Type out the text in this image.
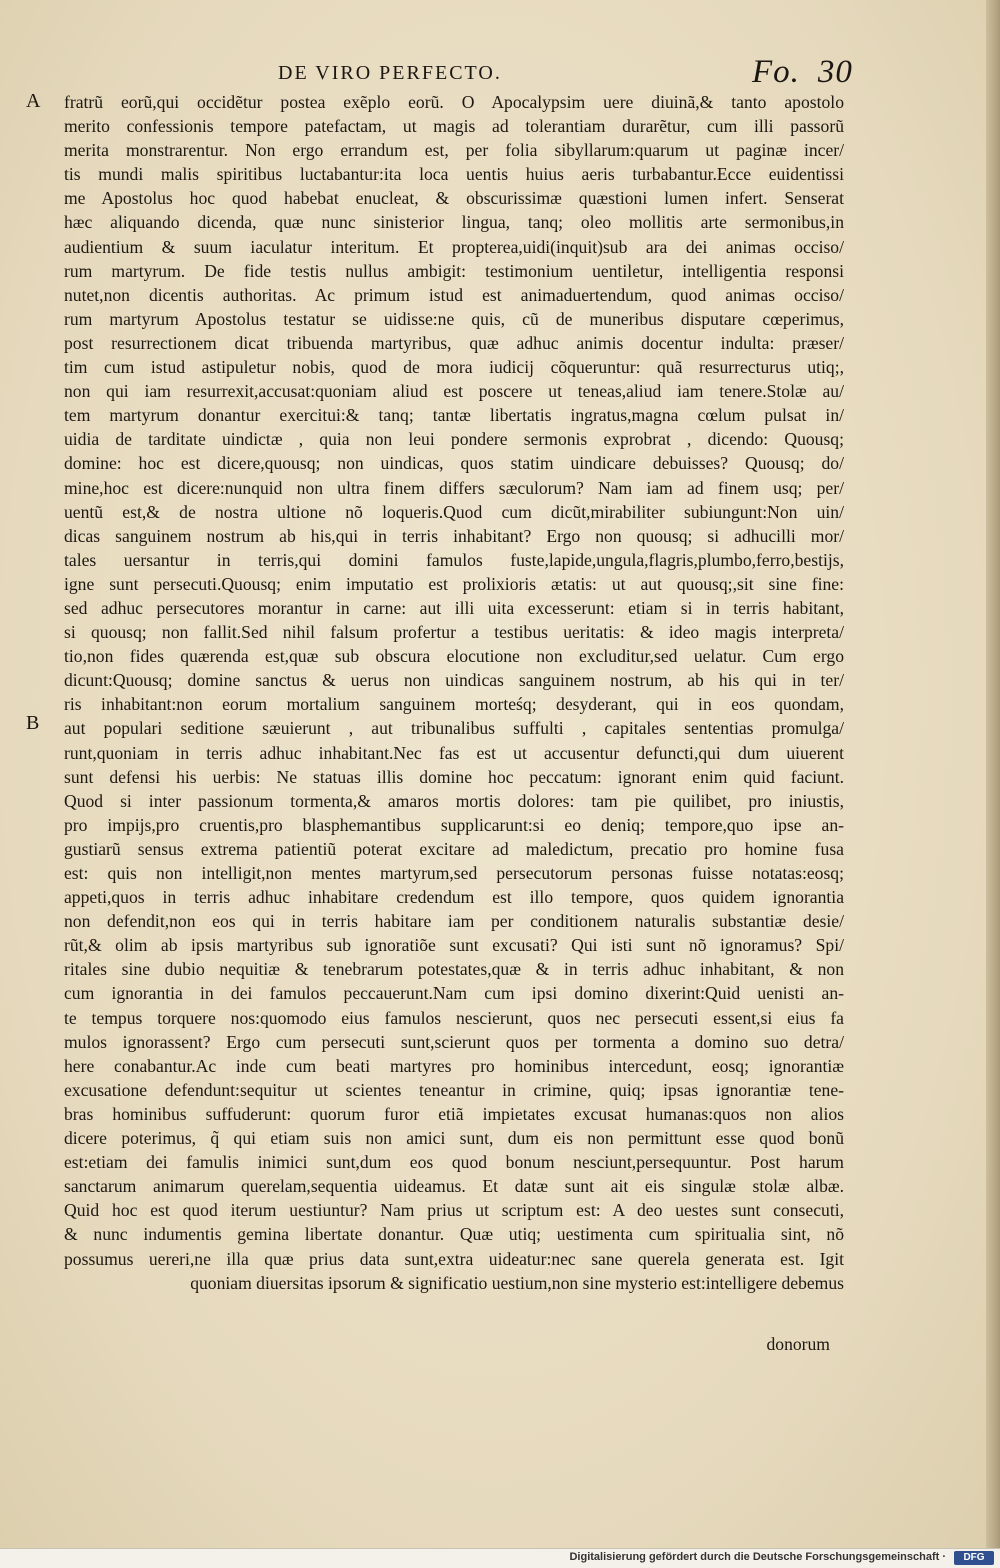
DE VIRO PERFECTO.	Fo. 30
A
B
fratrũ eorũ,qui occidẽtur postea exẽplo eorũ. O Apocalypsim uere diuinã,& tanto apostolo
merito confessionis tempore patefactam, ut magis ad tolerantiam durarẽtur, cum illi passorũ
merita monstrarentur. Non ergo errandum est, per folia sibyllarum:quarum ut paginæ incer/
tis mundi malis spiritibus luctabantur:ita loca uentis huius aeris turbabantur.Ecce euidentissi
me Apostolus hoc quod habebat enucleat, & obscurissimæ quæstioni lumen infert. Senserat
hæc aliquando dicenda, quæ nunc sinisterior lingua, tanq; oleo mollitis arte sermonibus,in
audientium & suum iaculatur interitum. Et propterea,uidi(inquit)sub ara dei animas occiso/
rum martyrum. De fide testis nullus ambigit: testimonium uentiletur, intelligentia responsi
nutet,non dicentis authoritas. Ac primum istud est animaduertendum, quod animas occiso/
rum martyrum Apostolus testatur se uidisse:ne quis, cũ de muneribus disputare cœperimus,
post resurrectionem dicat tribuenda martyribus, quæ adhuc animis docentur indulta: præser/
tim cum istud astipuletur nobis, quod de mora iudicij cõqueruntur: quã resurrecturus utiq;,
non qui iam resurrexit,accusat:quoniam aliud est poscere ut teneas,aliud iam tenere.Stolæ au/
tem martyrum donantur exercitui:& tanq; tantæ libertatis ingratus,magna cœlum pulsat in/
uidia de tarditate uindictæ , quia non leui pondere sermonis exprobrat , dicendo: Quousq;
domine: hoc est dicere,quousq; non uindicas, quos statim uindicare debuisses? Quousq; do/
mine,hoc est dicere:nunquid non ultra finem differs sæculorum? Nam iam ad finem usq; per/
uentũ est,& de nostra ultione nõ loqueris.Quod cum dicũt,mirabiliter subiungunt:Non uin/
dicas sanguinem nostrum ab his,qui in terris inhabitant? Ergo non quousq; si adhucilli mor/
tales uersantur in terris,qui domini famulos fuste,lapide,ungula,flagris,plumbo,ferro,bestijs,
igne sunt persecuti.Quousq; enim imputatio est prolixioris ætatis: ut aut quousq;,sit sine fine:
sed adhuc persecutores morantur in carne: aut illi uita excesserunt: etiam si in terris habitant,
si quousq; non fallit.Sed nihil falsum profertur a testibus ueritatis: & ideo magis interpreta/
tio,non fides quærenda est,quæ sub obscura elocutione non excluditur,sed uelatur. Cum ergo
dicunt:Quousq; domine sanctus & uerus non uindicas sanguinem nostrum, ab his qui in ter/
ris inhabitant:non eorum mortalium sanguinem morteśq; desyderant, qui in eos quondam,
aut populari seditione sæuierunt , aut tribunalibus suffulti , capitales sententias promulga/
runt,quoniam in terris adhuc inhabitant.Nec fas est ut accusentur defuncti,qui dum uiuerent
sunt defensi his uerbis: Ne statuas illis domine hoc peccatum: ignorant enim quid faciunt.
Quod si inter passionum tormenta,& amaros mortis dolores: tam pie quilibet, pro iniustis,
pro impijs,pro cruentis,pro blasphemantibus supplicarunt:si eo deniq; tempore,quo ipse an-
gustiarũ sensus extrema patientiũ poterat excitare ad maledictum, precatio pro homine fusa
est: quis non intelligit,non mentes martyrum,sed persecutorum personas fuisse notatas:eosq;
appeti,quos in terris adhuc inhabitare credendum est illo tempore, quos quidem ignorantia
non defendit,non eos qui in terris habitare iam per conditionem naturalis substantiæ desie/
rũt,& olim ab ipsis martyribus sub ignoratiõe sunt excusati? Qui isti sunt nõ ignoramus? Spi/
ritales sine dubio nequitiæ & tenebrarum potestates,quæ & in terris adhuc inhabitant, & non
cum ignorantia in dei famulos peccauerunt.Nam cum ipsi domino dixerint:Quid uenisti an-
te tempus torquere nos:quomodo eius famulos nescierunt, quos nec persecuti essent,si eius fa
mulos ignorassent? Ergo cum persecuti sunt,scierunt quos per tormenta a domino suo detra/
here conabantur.Ac inde cum beati martyres pro hominibus intercedunt, eosq; ignorantiæ
excusatione defendunt:sequitur ut scientes teneantur in crimine, quiq; ipsas ignorantiæ tene-
bras hominibus suffuderunt: quorum furor etiã impietates excusat humanas:quos non alios
dicere poterimus, q̃ qui etiam suis non amici sunt, dum eis non permittunt esse quod bonũ
est:etiam dei famulis inimici sunt,dum eos quod bonum nesciunt,persequuntur. Post harum
sanctarum animarum querelam,sequentia uideamus. Et datæ sunt ait eis singulæ stolæ albæ.
Quid hoc est quod iterum uestiuntur? Nam prius ut scriptum est: A deo uestes sunt consecuti,
& nunc indumentis gemina libertate donantur. Quæ utiq; uestimenta cum spiritualia sint, nõ
possumus uereri,ne illa quæ prius data sunt,extra uideatur:nec sane querela generata est. Igit
quoniam diuersitas ipsorum & significatio uestium,non sine mysterio est:intelligere debemus
donorum
Digitalisierung gefördert durch die Deutsche Forschungsgemeinschaft ·	DFG
